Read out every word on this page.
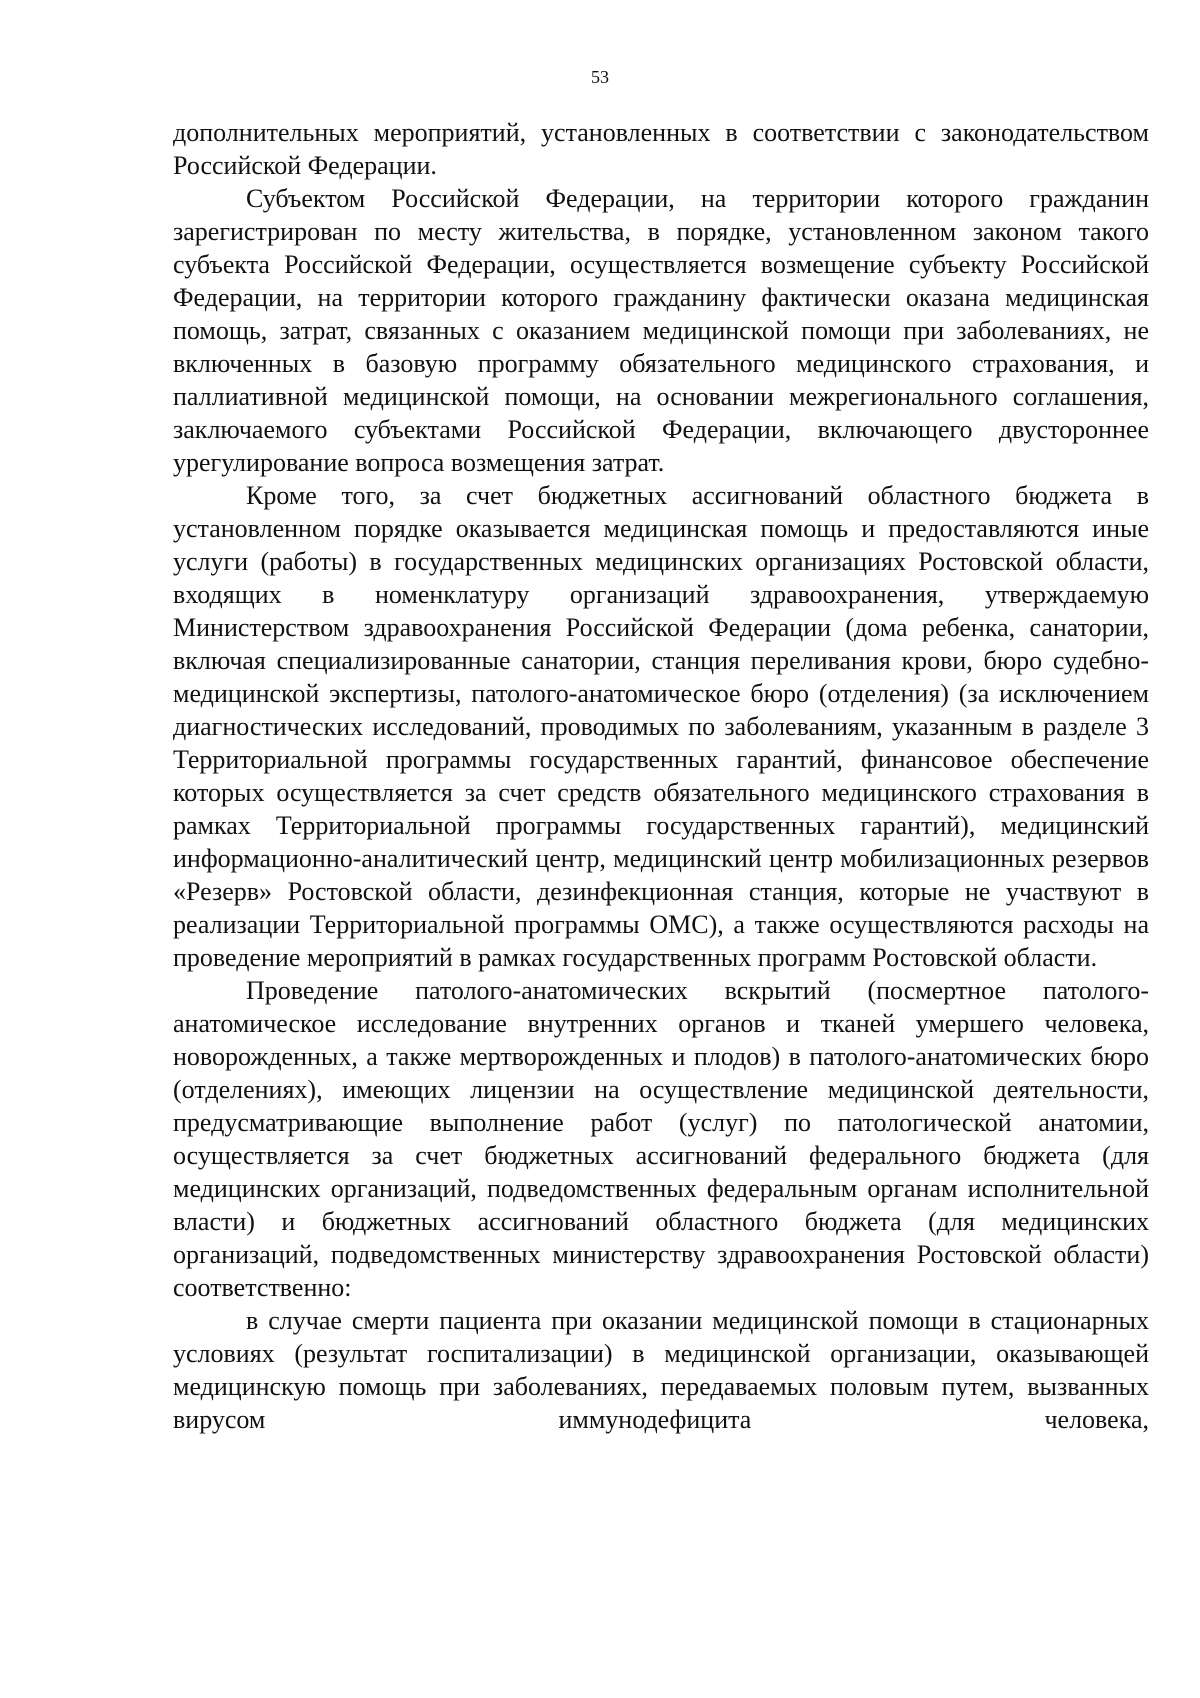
53

дополнительных мероприятий, установленных в соответствии с законодательством Российской Федерации.

Субъектом Российской Федерации, на территории которого гражданин зарегистрирован по месту жительства, в порядке, установленном законом такого субъекта Российской Федерации, осуществляется возмещение субъекту Российской Федерации, на территории которого гражданину фактически оказана медицинская помощь, затрат, связанных с оказанием медицинской помощи при заболеваниях, не включенных в базовую программу обязательного медицинского страхования, и паллиативной медицинской помощи, на основании межрегионального соглашения, заключаемого субъектами Российской Федерации, включающего двустороннее урегулирование вопроса возмещения затрат.

Кроме того, за счет бюджетных ассигнований областного бюджета в установленном порядке оказывается медицинская помощь и предоставляются иные услуги (работы) в государственных медицинских организациях Ростовской области, входящих в номенклатуру организаций здравоохранения, утверждаемую Министерством здравоохранения Российской Федерации (дома ребенка, санатории, включая специализированные санатории, станция переливания крови, бюро судебно-медицинской экспертизы, патолого-анатомическое бюро (отделения) (за исключением диагностических исследований, проводимых по заболеваниям, указанным в разделе 3 Территориальной программы государственных гарантий, финансовое обеспечение которых осуществляется за счет средств обязательного медицинского страхования в рамках Территориальной программы государственных гарантий), медицинский информационно-аналитический центр, медицинский центр мобилизационных резервов «Резерв» Ростовской области, дезинфекционная станция, которые не участвуют в реализации Территориальной программы ОМС), а также осуществляются расходы на проведение мероприятий в рамках государственных программ Ростовской области.

Проведение патолого-анатомических вскрытий (посмертное патолого-анатомическое исследование внутренних органов и тканей умершего человека, новорожденных, а также мертворожденных и плодов) в патолого-анатомических бюро (отделениях), имеющих лицензии на осуществление медицинской деятельности, предусматривающие выполнение работ (услуг) по патологической анатомии, осуществляется за счет бюджетных ассигнований федерального бюджета (для медицинских организаций, подведомственных федеральным органам исполнительной власти) и бюджетных ассигнований областного бюджета (для медицинских организаций, подведомственных министерству здравоохранения Ростовской области) соответственно:

в случае смерти пациента при оказании медицинской помощи в стационарных условиях (результат госпитализации) в медицинской организации, оказывающей медицинскую помощь при заболеваниях, передаваемых половым путем, вызванных вирусом иммунодефицита человека,
